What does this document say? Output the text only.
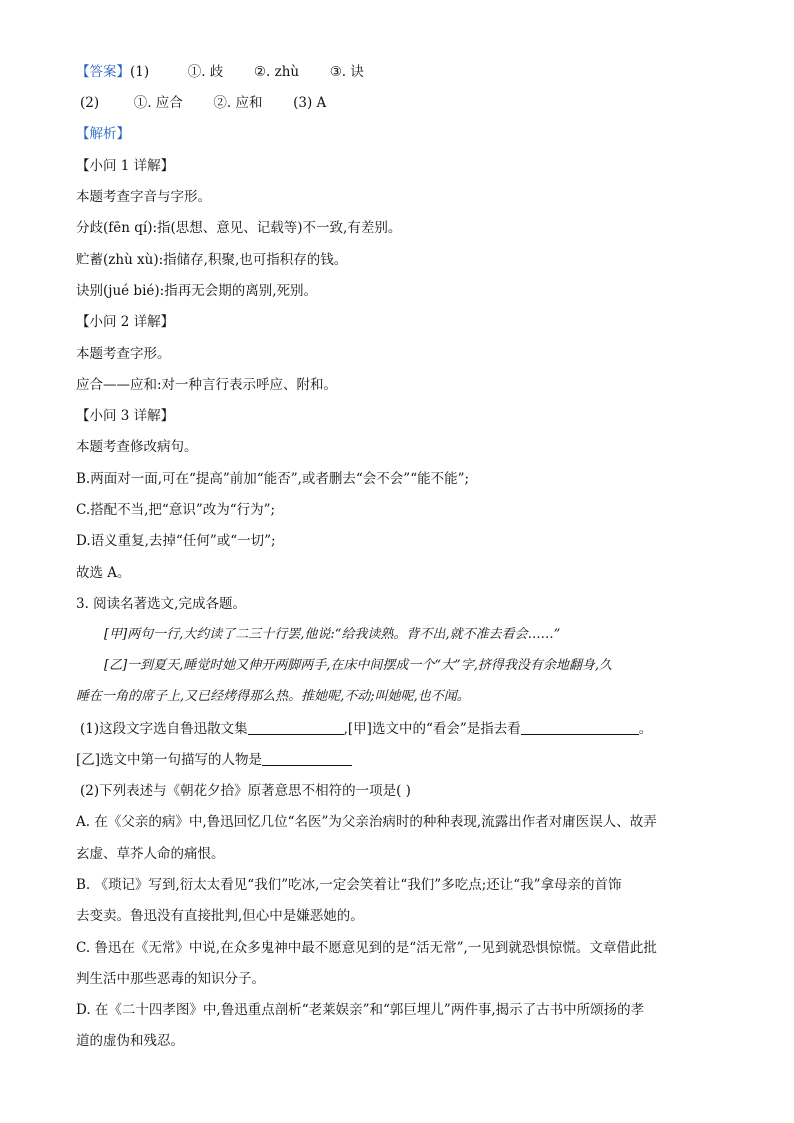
【答案】(1)	①. 歧 ②. zhù ③. 诀
(2)	①. 应合 ②. 应和 (3) A
【解析】
【小问 1 详解】
本题考查字音与字形。
分歧(fēn qí):指(思想、意见、记载等)不一致,有差别。
贮蓄(zhù xù):指储存,积聚,也可指积存的钱。
诀别(jué bié):指再无会期的离别,死别。
【小问 2 详解】
本题考查字形。
应合——应和:对一种言行表示呼应、附和。
【小问 3 详解】
本题考查修改病句。
B.两面对一面,可在“提高”前加“能否”,或者删去“会不会”“能不能”;
C.搭配不当,把“意识”改为“行为”;
D.语义重复,去掉“任何”或“一切”;
故选 A。
3. 阅读名著选文,完成各题。
[甲]两句一行,大约读了二三十行罢,他说:“给我读熟。背不出,就不准去看会……”
[乙]一到夏天,睡觉时她又伸开两脚两手,在床中间摆成一个“大”字,挤得我没有余地翻身,久
睡在一角的席子上,又已经烤得那么热。推她呢,不动;叫她呢,也不闻。
(1)这段文字选自鲁迅散文集	,[甲]选文中的“看会”是指去看	。
[乙]选文中第一句描写的人物是
(2)下列表述与《朝花夕拾》原著意思不相符的一项是( )
A. 在《父亲的病》中,鲁迅回忆几位“名医”为父亲治病时的种种表现,流露出作者对庸医误人、故弄
玄虚、草芥人命的痛恨。
B. 《琐记》写到,衍太太看见“我们”吃冰,一定会笑着让“我们”多吃点;还让“我”拿母亲的首饰
去变卖。鲁迅没有直接批判,但心中是嫌恶她的。
C. 鲁迅在《无常》中说,在众多鬼神中最不愿意见到的是“活无常”,一见到就恐惧惊慌。文章借此批
判生活中那些恶毒的知识分子。
D. 在《二十四孝图》中,鲁迅重点剖析“老莱娱亲”和“郭巨埋儿”两件事,揭示了古书中所颂扬的孝
道的虚伪和残忍。
